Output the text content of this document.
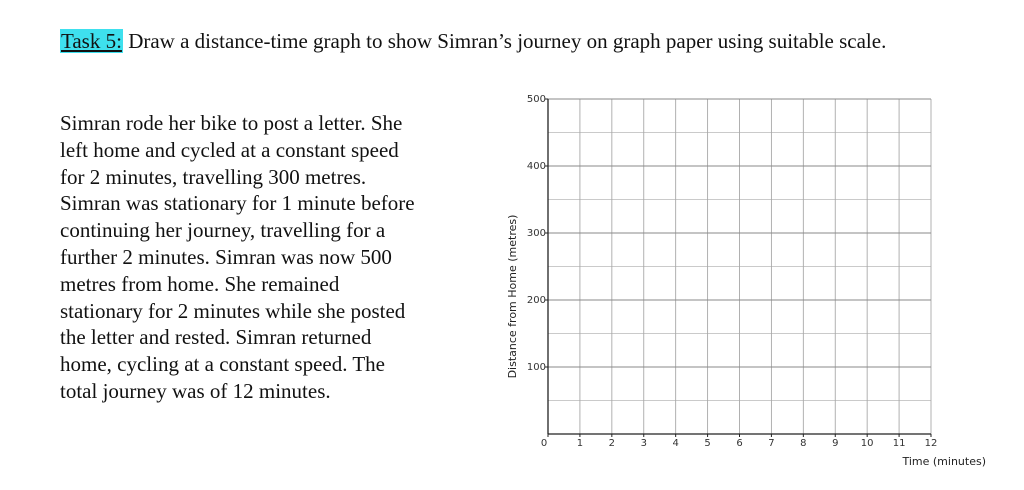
Task 5: Draw a distance-time graph to show Simran’s journey on graph paper using suitable scale.
Simran rode her bike to post a letter. She
left home and cycled at a constant speed
for 2 minutes, travelling 300 metres.
Simran was stationary for 1 minute before
continuing her journey, travelling for a
further 2 minutes. Simran was now 500
metres from home. She remained
stationary for 2 minutes while she posted
the letter and rested. Simran returned
home, cycling at a constant speed. The
total journey was of 12 minutes.
0	1	2	3	4	5	6	7	8	9 10 11 12
100
200
300
400
500
Time (minutes)
Distance from Home (metres)
